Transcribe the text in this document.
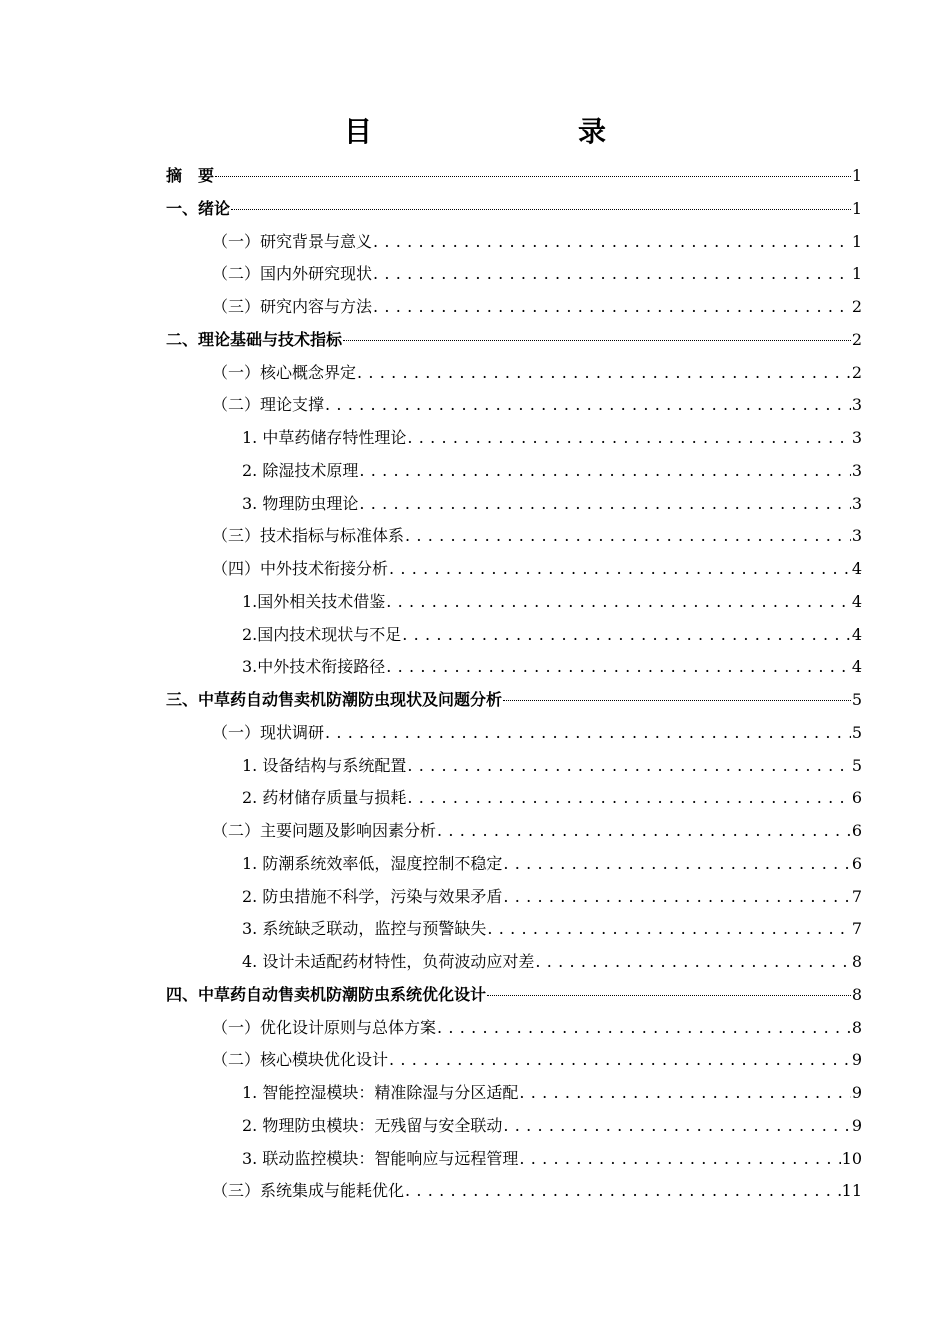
目　　录
摘　要	1
一、绪论	1
（一）研究背景与意义 . . .	1
（二）国内外研究现状 . . .	1
（三）研究内容与方法 . . .	2
二、理论基础与技术指标	2
（一）核心概念界定 . . .	2
（二）理论支撑 . . .	3
1. 中草药储存特性理论 . . .	3
2. 除湿技术原理 . . .	3
3. 物理防虫理论 . . .	3
（三）技术指标与标准体系 . . .	3
（四）中外技术衔接分析 . . .	4
1.国外相关技术借鉴 . . .	4
2.国内技术现状与不足 . . .	4
3.中外技术衔接路径 . . .	4
三、中草药自动售卖机防潮防虫现状及问题分析	5
（一）现状调研 . . .	5
1. 设备结构与系统配置 . . .	5
2. 药材储存质量与损耗 . . .	6
（二）主要问题及影响因素分析 . . .	6
1. 防潮系统效率低，湿度控制不稳定 . . .	6
2. 防虫措施不科学，污染与效果矛盾 . . .	7
3. 系统缺乏联动，监控与预警缺失 . . .	7
4. 设计未适配药材特性，负荷波动应对差 . . .	8
四、中草药自动售卖机防潮防虫系统优化设计	8
（一）优化设计原则与总体方案 . . .	8
（二）核心模块优化设计 . . .	9
1. 智能控湿模块：精准除湿与分区适配 . . .	9
2. 物理防虫模块：无残留与安全联动 . . .	9
3. 联动监控模块：智能响应与远程管理 . . .	10
（三）系统集成与能耗优化 . . .	11
